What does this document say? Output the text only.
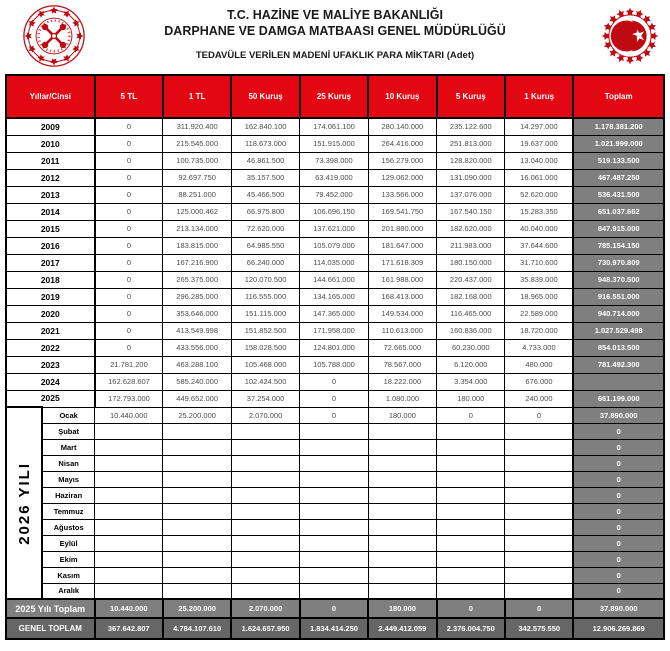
T.C. HAZİNE VE MALİYE BAKANLIĞI
DARPHANE VE DAMGA MATBAASI GENEL MÜDÜRLÜĞÜ
TEDAVÜLE VERİLEN MADENİ UFAKLIK PARA MİKTARI (Adet)
Yıllar/Cinsi		5 TL	1 TL	50 Kuruş	25 Kuruş	10 Kuruş	5 Kuruş	1 Kuruş	Toplam
2009		0	311.920.400	162.840.100	174.061.100	280.140.000	235.122.600	14.297.000	1.178.381.200
2010		0	215.545.000	118.673.000	151.915.000	264.416.000	251.813.000	19.637.000	1.021.999.000
2011		0	100.735.000	46.861.500	73.398.000	156.279.000	128.820.000	13.040.000	519.133.500
2012		0	92.697.750	35.157.500	63.419.000	129.062.000	131.090.000	16.061.000	467.487.250
2013		0	88.251.000	45.466.500	79.452.000	133.566.000	137.076.000	52.620.000	536.431.500
2014		0	125.000.462	66.975.800	106.696.150	169.541.750	167.540.150	15.283.350	651.037.662
2015		0	213.134.000	72.620.000	137.621.000	201.880.000	182.620.000	40.040.000	847.915.000
2016		0	183.815.000	64.985.550	105.079.000	181.647.000	211.983.000	37.644.600	785.154.150
2017		0	167.216.900	66.240.000	114.035.000	171.618.309	180.150.000	31.710.600	730.970.809
2018		0	265.375.000	120.070.500	144.661.000	161.988.000	220.437.000	35.839.000	948.370.500
2019		0	296.285.000	116.555.000	134.165.000	168.413.000	182.168.000	18.965.000	916.551.000
2020		0	353.646.000	151.115.000	147.365.000	149.534.000	116.465.000	22.589.000	940.714.000
2021		0	413.549.998	151.852.500	171.958.000	110.613.000	160.836.000	18.720.000	1.027.529.498
2022		0	433.556.000	158.028.500	124.801.000	72.665.000	60.230.000	4.733.000	854.013.500
2023		21.781.200	463.288.100	105.468.000	105.788.000	78.567.000	6.120.000	480.000	781.492.300
2024		162.628.607	585.240.000	102.424.500	0	18.222.000	3.354.000	676.000	
2025		172.793.000	449.652.000	37.254.000	0	1.080.000	180.000	240.000	661.199.000

2026 YILI	Ocak	10.440.000	25.200.000	2.070.000	0	180.000	0	0	37.890.000
	Şubat								0
	Mart								0
	Nisan								0
	Mayıs								0
	Haziran								0
	Temmuz								0
	Ağustos								0
	Eylül								0
	Ekim								0
	Kasım								0
	Aralık								0
2025 Yılı Toplam		10.440.000	25.200.000	2.070.000	0	180.000	0	0	37.890.000
GENEL TOPLAM		367.642.807	4.784.107.610	1.624.657.950	1.834.414.250	2.449.412.059	2.376.004.750	342.575.550	12.906.269.869
